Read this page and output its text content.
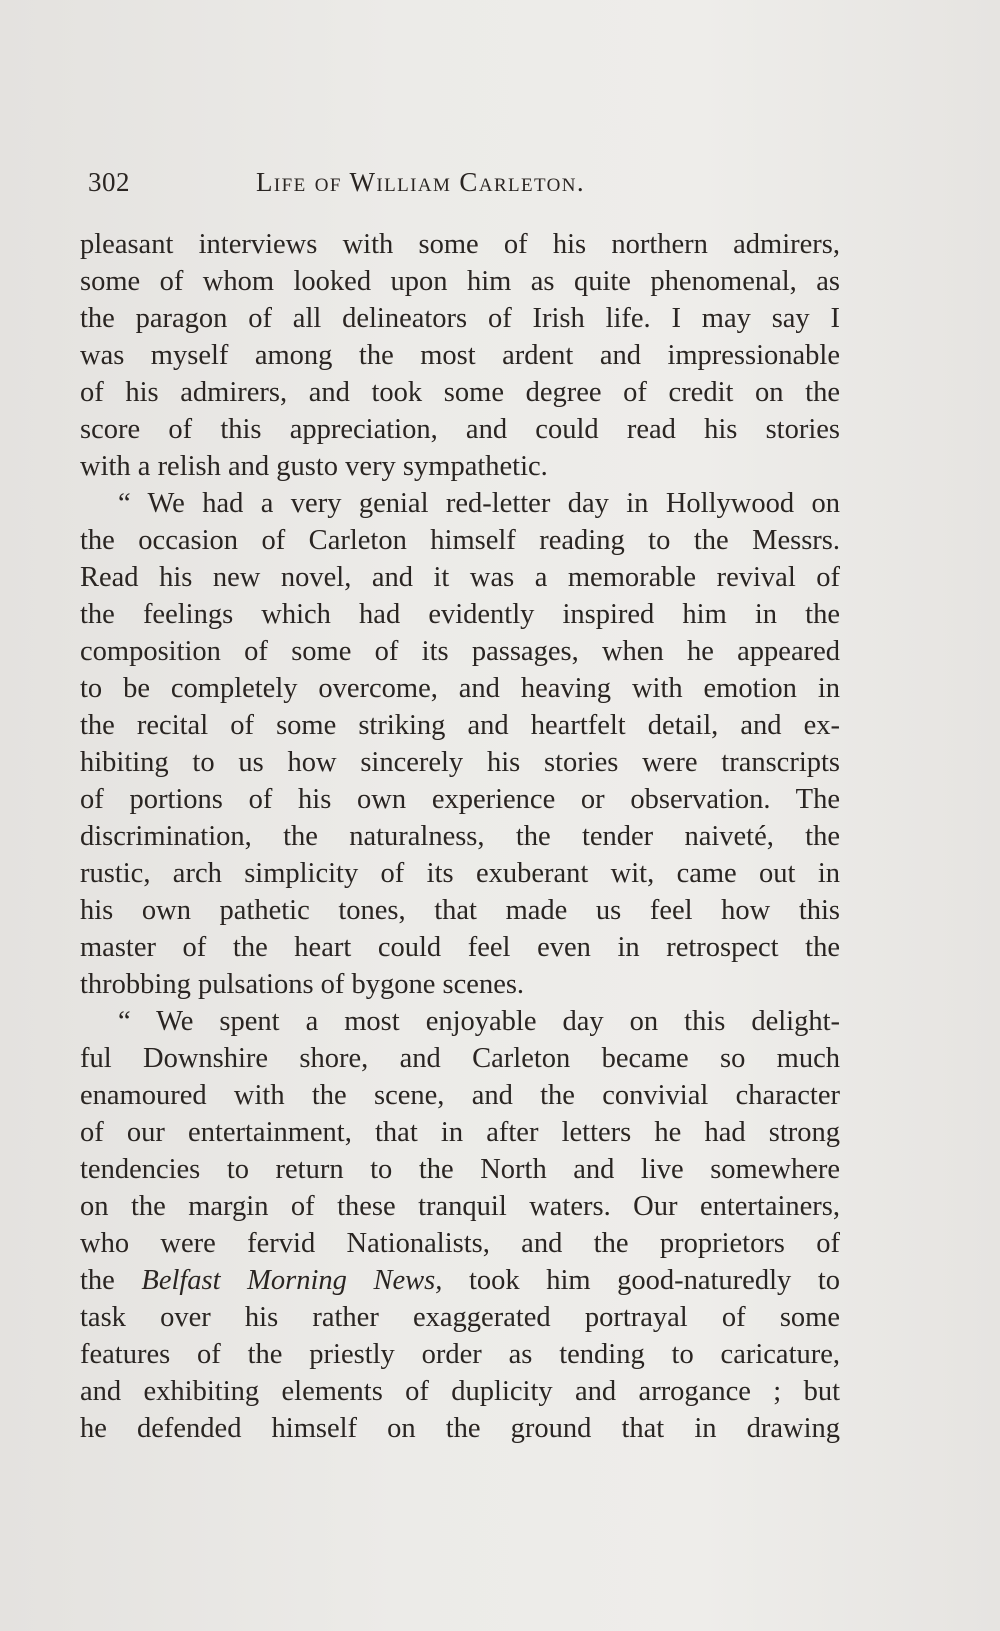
302	Life of William Carleton.

pleasant interviews with some of his northern admirers,
some of whom looked upon him as quite phenomenal, as
the paragon of all delineators of Irish life. I may say I
was myself among the most ardent and impressionable
of his admirers, and took some degree of credit on the
score of this appreciation, and could read his stories
with a relish and gusto very sympathetic.

“ We had a very genial red-letter day in Hollywood on
the occasion of Carleton himself reading to the Messrs.
Read his new novel, and it was a memorable revival of
the feelings which had evidently inspired him in the
composition of some of its passages, when he appeared
to be completely overcome, and heaving with emotion in
the recital of some striking and heartfelt detail, and ex-
hibiting to us how sincerely his stories were transcripts
of portions of his own experience or observation. The
discrimination, the naturalness, the tender naiveté, the
rustic, arch simplicity of its exuberant wit, came out in
his own pathetic tones, that made us feel how this
master of the heart could feel even in retrospect the
throbbing pulsations of bygone scenes.

“ We spent a most enjoyable day on this delight-
ful Downshire shore, and Carleton became so much
enamoured with the scene, and the convivial character
of our entertainment, that in after letters he had strong
tendencies to return to the North and live somewhere
on the margin of these tranquil waters. Our entertainers,
who were fervid Nationalists, and the proprietors of
the Belfast Morning News, took him good-naturedly to
task over his rather exaggerated portrayal of some
features of the priestly order as tending to caricature,
and exhibiting elements of duplicity and arrogance ; but
he defended himself on the ground that in drawing
